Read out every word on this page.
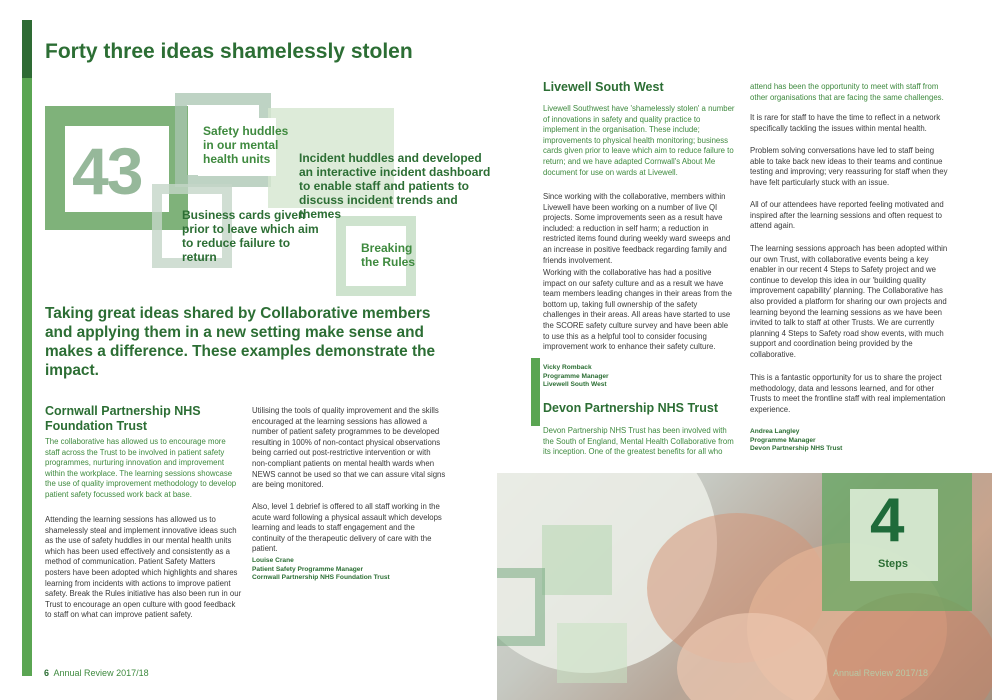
Forty three ideas shamelessly stolen
43
Safety huddles in our mental health units	Incident huddles and developed an interactive incident dashboard to enable staff and patients to discuss incident trends and themes
Business cards given prior to leave which aim to reduce failure to return
Breaking the Rules

Taking great ideas shared by Collaborative members and applying them in a new setting make sense and makes a difference. These examples demonstrate the impact.

Cornwall Partnership NHS Foundation Trust

The collaborative has allowed us to encourage more staff across the Trust to be involved in patient safety programmes, nurturing innovation and improvement within the workplace. The learning sessions showcase the use of quality improvement methodology to develop patient safety focussed work back at base.

Attending the learning sessions has allowed us to shamelessly steal and implement innovative ideas such as the use of safety huddles in our mental health units which has been used effectively and consistently as a method of communication. Patient Safety Matters posters have been adopted which highlights and shares learning from incidents with actions to improve patient safety. Break the Rules initiative has also been run in our Trust to encourage an open culture with good feedback to staff on what can improve patient safety.

Utilising the tools of quality improvement and the skills encouraged at the learning sessions has allowed a number of patient safety programmes to be developed resulting in 100% of non-contact physical observations being carried out post-restrictive intervention or with non-compliant patients on mental health wards when NEWS cannot be used so that we can assure vital signs are being monitored.

Also, level 1 debrief is offered to all staff working in the acute ward following a physical assault which develops learning and leads to staff engagement and the continuity of the therapeutic delivery of care with the patient.

Louise Crane
Patient Safety Programme Manager
Cornwall Partnership NHS Foundation Trust
Livewell South West

Livewell Southwest have 'shamelessly stolen' a number of innovations in safety and quality practice to implement in the organisation. These include; improvements to physical health monitoring; business cards given prior to leave which aim to reduce failure to return; and we have adapted Cornwall's About Me document for use on wards at Livewell.

Since working with the collaborative, members within Livewell have been working on a number of live QI projects. Some improvements seen as a result have included: a reduction in self harm; a reduction in restricted items found during weekly ward sweeps and an increase in positive feedback regarding family and friends involvement.

Working with the collaborative has had a positive impact on our safety culture and as a result we have team members leading changes in their areas from the bottom up, taking full ownership of the safety challenges in their areas. All areas have started to use the SCORE safety culture survey and have been able to use this as a helpful tool to consider focusing improvement work to enhance their safety culture.

Vicky Romback
Programme Manager
Livewell South West
Devon Partnership NHS Trust

Devon Partnership NHS Trust has been involved with the South of England, Mental Health Collaborative from its inception. One of the greatest benefits for all who

attend has been the opportunity to meet with staff from other organisations that are facing the same challenges.

It is rare for staff to have the time to reflect in a network specifically tackling the issues within mental health.

Problem solving conversations have led to staff being able to take back new ideas to their teams and continue testing and improving; very reassuring for staff when they have felt particularly stuck with an issue.

All of our attendees have reported feeling motivated and inspired after the learning sessions and often request to attend again.

The learning sessions approach has been adopted within our own Trust, with collaborative events being a key enabler in our recent 4 Steps to Safety project and we continue to develop this idea in our 'building quality improvement capability' planning. The Collaborative has also provided a platform for sharing our own projects and learning beyond the learning sessions as we have been invited to talk to staff at other Trusts. We are currently planning 4 Steps to Safety road show events, with much support and coordination being provided by the collaborative.

This is a fantastic opportunity for us to share the project methodology, data and lessons learned, and for other Trusts to meet the frontline staff with real implementation experience.

Andrea Langley
Programme Manager
Devon Partnership NHS Trust
4
Steps
6 Annual Review 2017/18	Annual Review 2017/18
